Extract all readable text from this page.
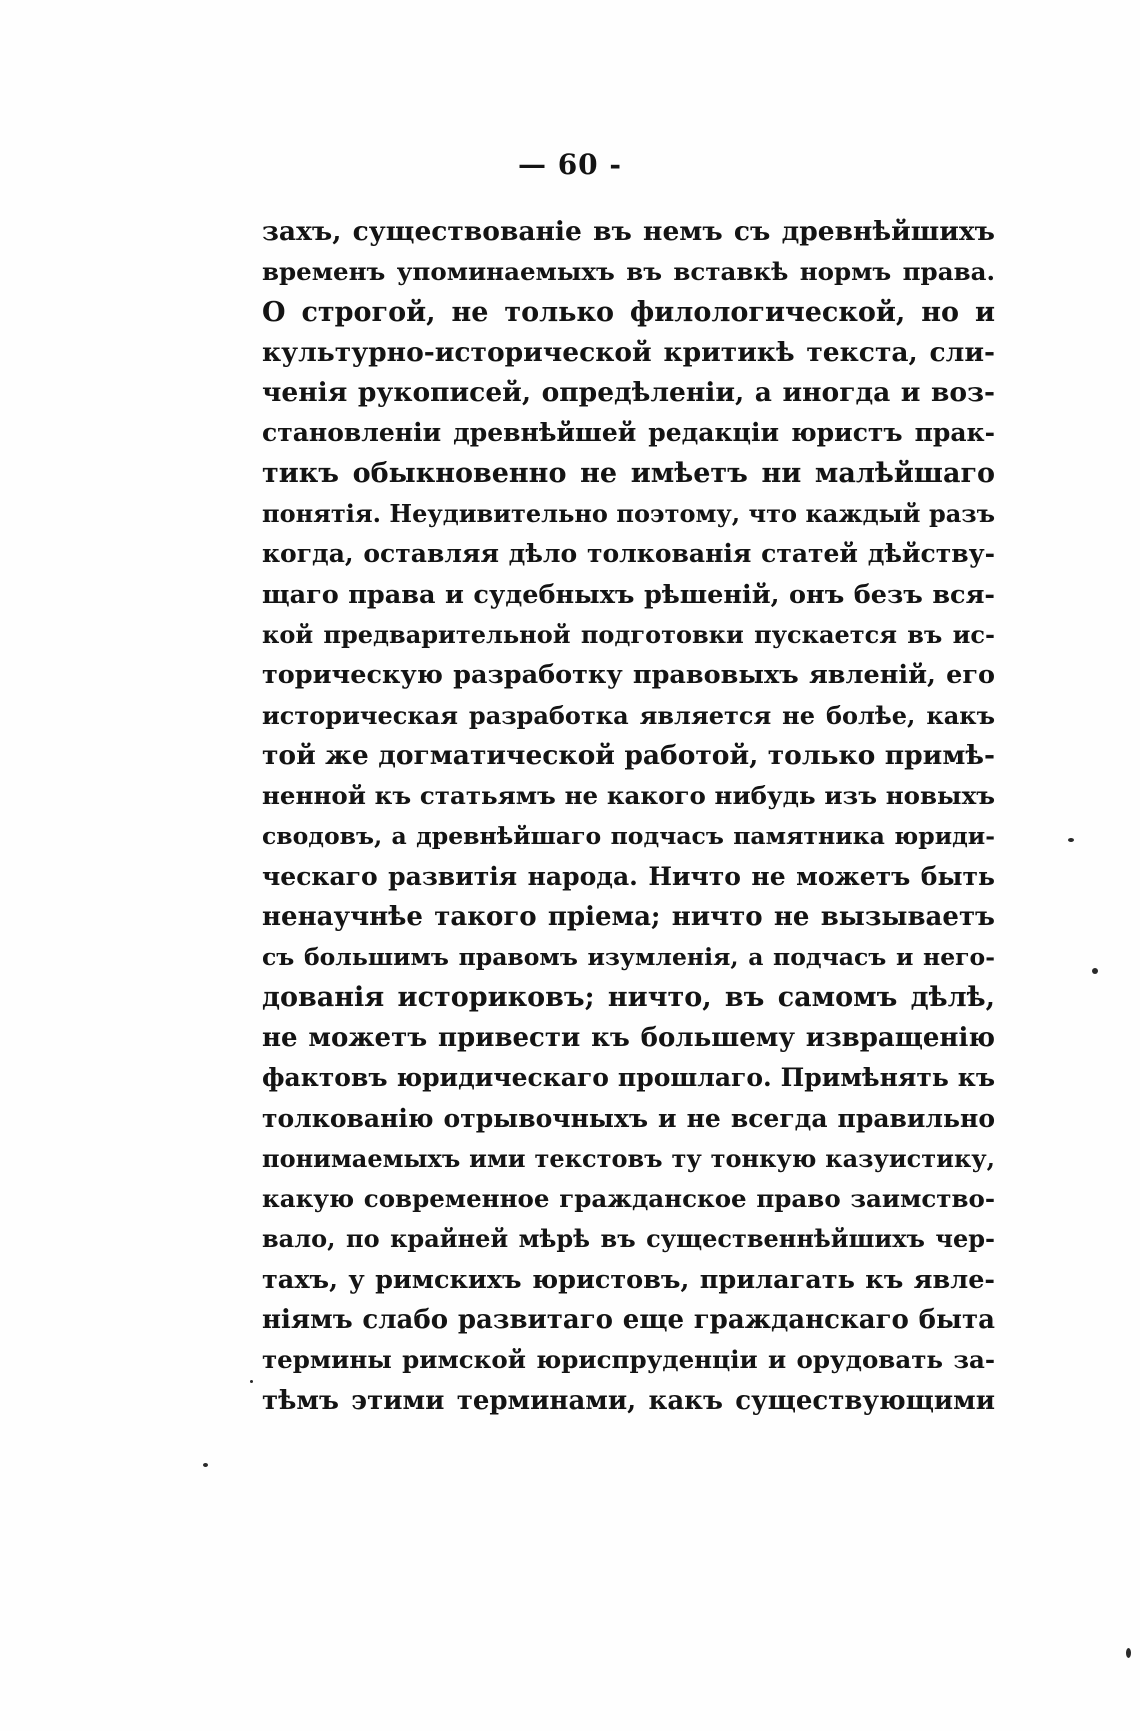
— 60 -
захъ, существованіе въ немъ съ древнѣйшихъ
временъ упоминаемыхъ въ вставкѣ нормъ права.
О строгой, не только филологической, но и
культурно-исторической критикѣ текста, сли-
ченія рукописей, опредѣленіи, а иногда и воз-
становленіи древнѣйшей редакціи юристъ прак-
тикъ обыкновенно не имѣетъ ни малѣйшаго
понятія. Неудивительно поэтому, что каждый разъ
когда, оставляя дѣло толкованія статей дѣйству-
щаго права и судебныхъ рѣшеній, онъ безъ вся-
кой предварительной подготовки пускается въ ис-
торическую разработку правовыхъ явленій, его
историческая разработка является не болѣе, какъ
той же догматической работой, только примѣ-
ненной къ статьямъ не какого нибудь изъ новыхъ
сводовъ, а древнѣйшаго подчасъ памятника юриди-
ческаго развитія народа. Ничто не можетъ быть
ненаучнѣе такого пріема; ничто не вызываетъ
съ большимъ правомъ изумленія, а подчасъ и него-
дованія историковъ; ничто, въ самомъ дѣлѣ,
не можетъ привести къ большему извращенію
фактовъ юридическаго прошлаго. Примѣнять къ
толкованію отрывочныхъ и не всегда правильно
понимаемыхъ ими текстовъ ту тонкую казуистику,
какую современное гражданское право заимство-
вало, по крайней мѣрѣ въ существеннѣйшихъ чер-
тахъ, у римскихъ юристовъ, прилагать къ явле-
ніямъ слабо развитаго еще гражданскаго быта
термины римской юриспруденціи и орудовать за-
тѣмъ этими терминами, какъ существующими
